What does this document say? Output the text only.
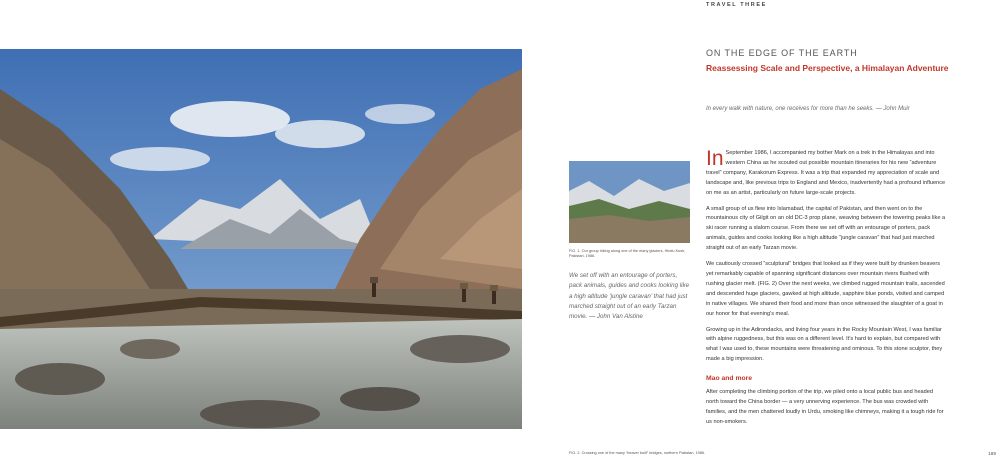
TRAVEL THREE
ON THE EDGE OF THE EARTH
Reassessing Scale and Perspective, a Himalayan Adventure
In every walk with nature, one receives for more than he seeks. — John Muir
FIG. 1. Our group hiking along one of the many glaciers, Hindu Kush, Pakistan, 1986.
We set off with an entourage of porters, pack animals, guides and cooks looking like a high altitude ‘jungle caravan’ that had just marched straight out of an early Tarzan movie. — John Van Alstine

In September 1986, I accompanied my bother Mark on a trek in the Himalayas and into western China as he scouted out possible mountain itineraries for his new “adventure travel” company, Karakorum Express. It was a trip that expanded my appreciation of scale and landscape and, like previous trips to England and Mexico, inadvertently had a profound influence on me as an artist, particularly on future large-scale projects.

A small group of us flew into Islamabad, the capital of Pakistan, and then went on to the mountainous city of Gilgit on an old DC-3 prop plane, weaving between the towering peaks like a ski racer running a slalom course. From there we set off with an entourage of porters, pack animals, guides and cooks looking like a high altitude “jungle caravan” that had just marched straight out of an early Tarzan movie.

We cautiously crossed “sculptural” bridges that looked as if they were built by drunken beavers yet remarkably capable of spanning significant distances over mountain rivers flushed with rushing glacier melt. (FIG. 2) Over the next weeks, we climbed rugged mountain trails, ascended and descended huge glaciers, gawked at high altitude, sapphire blue ponds, visited and camped in native villages. We shared their food and more than once witnessed the slaughter of a goat in our honor for that evening’s meal.

Growing up in the Adirondacks, and living four years in the Rocky Mountain West, I was familiar with alpine ruggedness, but this was on a different level. It’s hard to explain, but compared with what I was used to, these mountains were threatening and ominous. To this stone sculptor, they made a big impression.

Mao and more

After completing the climbing portion of the trip, we piled onto a local public bus and headed north toward the China border — a very unnerving experience. The bus was crowded with families, and the men chattered loudly in Urdu, smoking like chimneys, making it a tough ride for us non-smokers.

FIG. 2. Crossing one of the many “beaver built” bridges, northern Pakistan, 1986.	189
